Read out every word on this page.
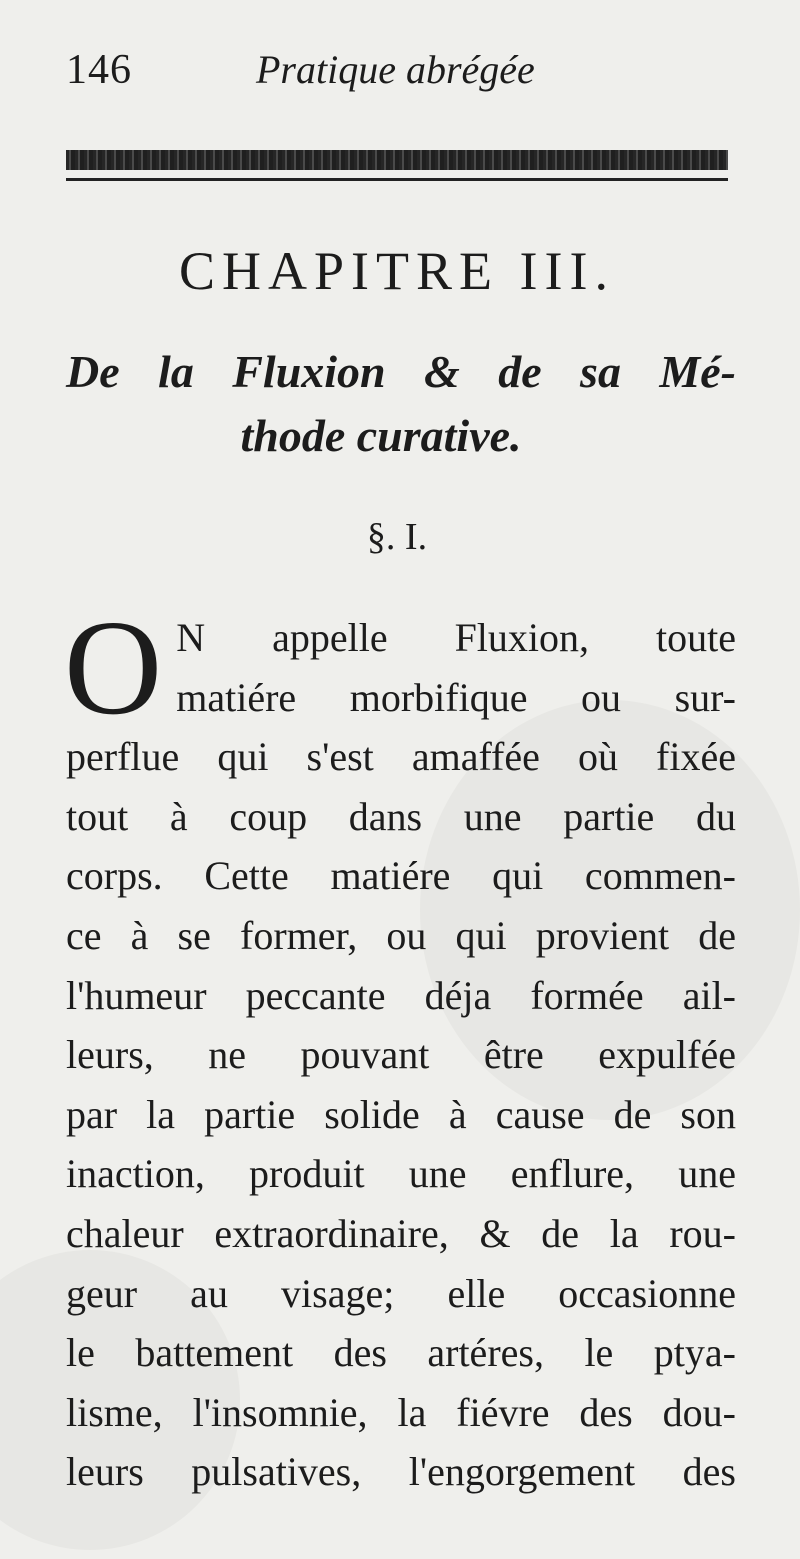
146	Pratique abrégée
CHAPITRE III.
De la Fluxion & de sa Mé-
thode curative.
§. I.
O N appelle Fluxion, toute
matiére morbifique ou sur-
perflue qui s'est amaffée où fixée
tout à coup dans une partie du
corps. Cette matiére qui commen-
ce à se former, ou qui provient de
l'humeur peccante déja formée ail-
leurs, ne pouvant être expulfée
par la partie solide à cause de son
inaction, produit une enflure, une
chaleur extraordinaire, & de la rou-
geur au visage; elle occasionne
le battement des artéres, le ptya-
lisme, l'insomnie, la fiévre des dou-
leurs pulsatives, l'engorgement des
